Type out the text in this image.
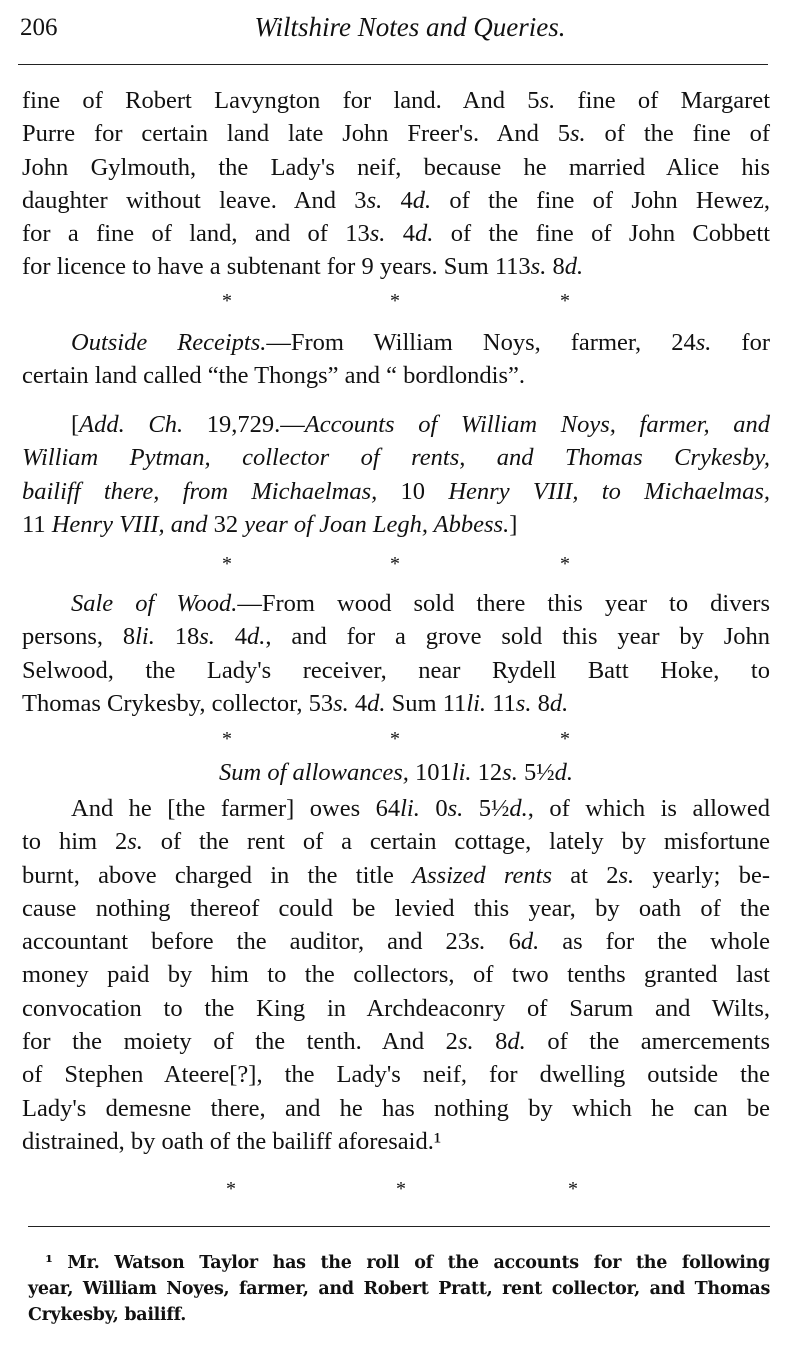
206	Wiltshire Notes and Queries.
fine of Robert Lavyngton for land. And 5s. fine of Margaret
Purre for certain land late John Freer's. And 5s. of the fine of
John Gylmouth, the Lady's neif, because he married Alice his
daughter without leave. And 3s. 4d. of the fine of John Hewez,
for a fine of land, and of 13s. 4d. of the fine of John Cobbett
for licence to have a subtenant for 9 years. Sum 113s. 8d.
*	*	*
  Outside Receipts.—From William Noys, farmer, 24s. for
certain land called “the Thongs” and “ bordlondis”.
  [Add. Ch. 19,729.—Accounts of William Noys, farmer, and
William Pytman, collector of rents, and Thomas Crykesby,
bailiff there, from Michaelmas, 10 Henry VIII, to Michaelmas,
11 Henry VIII, and 32 year of Joan Legh, Abbess.]
*	*	*
  Sale of Wood.—From wood sold there this year to divers
persons, 8li. 18s. 4d., and for a grove sold this year by John
Selwood, the Lady's receiver, near Rydell Batt Hoke, to
Thomas Crykesby, collector, 53s. 4d. Sum 11li. 11s. 8d.
*	*	*
Sum of allowances, 101li. 12s. 5½d.
  And he [the farmer] owes 64li. 0s. 5½d., of which is allowed
to him 2s. of the rent of a certain cottage, lately by misfortune
burnt, above charged in the title Assized rents at 2s. yearly; be-
cause nothing thereof could be levied this year, by oath of the
accountant before the auditor, and 23s. 6d. as for the whole
money paid by him to the collectors, of two tenths granted last
convocation to the King in Archdeaconry of Sarum and Wilts,
for the moiety of the tenth. And 2s. 8d. of the amercements
of Stephen Ateere[?], the Lady's neif, for dwelling outside the
Lady's demesne there, and he has nothing by which he can be
distrained, by oath of the bailiff aforesaid.¹
*	*	*
 ¹ Mr. Watson Taylor has the roll of the accounts for the following
year, William Noyes, farmer, and Robert Pratt, rent collector, and Thomas
Crykesby, bailiff.
